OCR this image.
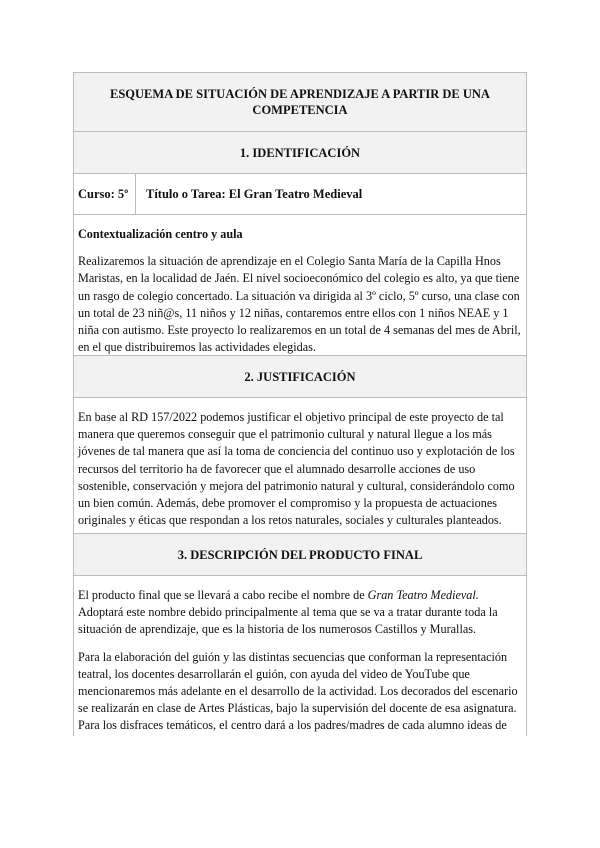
ESQUEMA DE SITUACIÓN DE APRENDIZAJE A PARTIR DE UNA COMPETENCIA
1. IDENTIFICACIÓN
Curso: 5º	Título o Tarea: El Gran Teatro Medieval
Contextualización centro y aula

Realizaremos la situación de aprendizaje en el Colegio Santa María de la Capilla Hnos Maristas, en la localidad de Jaén. El nivel socioeconómico del colegio es alto, ya que tiene un rasgo de colegio concertado. La situación va dirigida al 3º ciclo, 5º curso, una clase con un total de 23 niñ@s, 11 niños y 12 niñas, contaremos entre ellos con 1 niños NEAE y 1 niña con autismo. Este proyecto lo realizaremos en un total de 4 semanas del mes de Abril, en el que distribuiremos las actividades elegidas.

2. JUSTIFICACIÓN

En base al RD 157/2022 podemos justificar el objetivo principal de este proyecto de tal manera que queremos conseguir que el patrimonio cultural y natural llegue a los más jóvenes de tal manera que así la toma de conciencia del continuo uso y explotación de los recursos del territorio ha de favorecer que el alumnado desarrolle acciones de uso sostenible, conservación y mejora del patrimonio natural y cultural, considerándolo como un bien común. Además, debe promover el compromiso y la propuesta de actuaciones originales y éticas que respondan a los retos naturales, sociales y culturales planteados.

3. DESCRIPCIÓN DEL PRODUCTO FINAL

El producto final que se llevará a cabo recibe el nombre de Gran Teatro Medieval. Adoptará este nombre debido principalmente al tema que se va a tratar durante toda la situación de aprendizaje, que es la historia de los numerosos Castillos y Murallas.

Para la elaboración del guión y las distintas secuencias que conforman la representación teatral, los docentes desarrollarán el guión, con ayuda del video de YouTube que mencionaremos más adelante en el desarrollo de la actividad. Los decorados del escenario se realizarán en clase de Artes Plásticas, bajo la supervisión del docente de esa asignatura. Para los disfraces temáticos, el centro dará a los padres/madres de cada alumno ideas de
